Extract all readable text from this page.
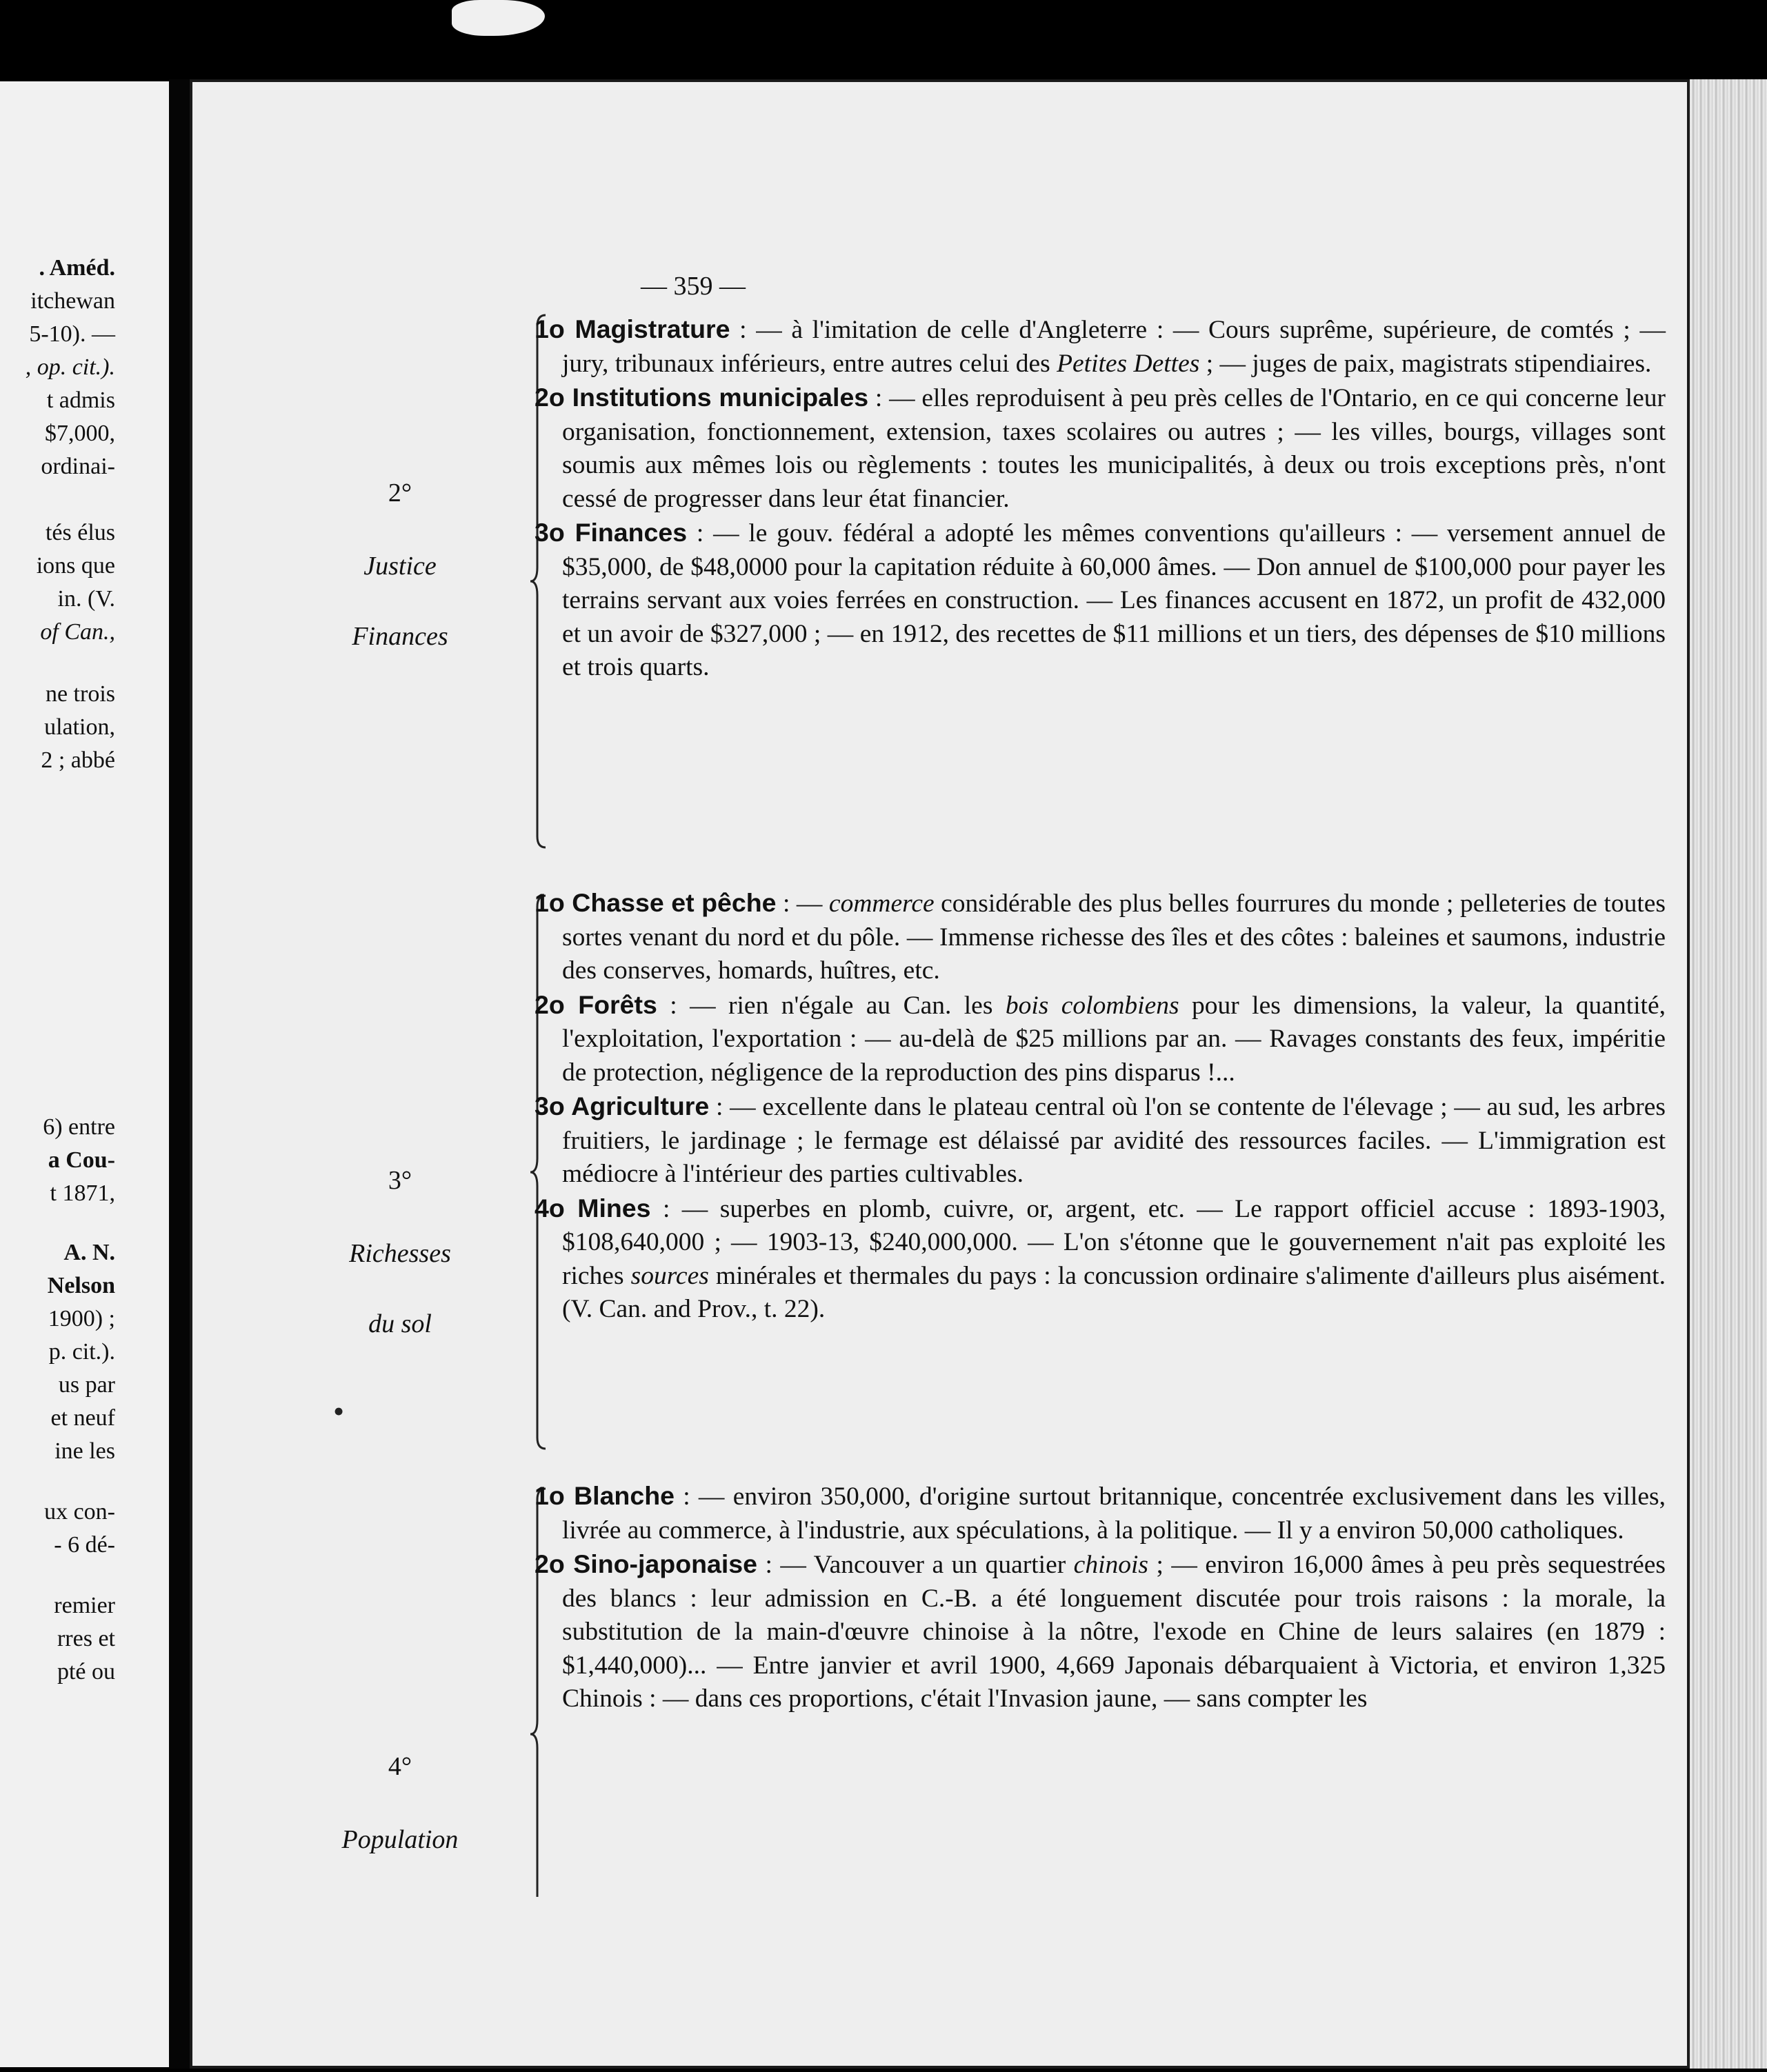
. Améd.
itchewan
5-10). —
, op. cit.).
t admis
$7,000,
ordinai-
tés élus
ions que
in. (V.
of Can.,
ne trois
ulation,
2 ; abbé
6) entre
a Cou-
t 1871,
A. N.
Nelson
1900) ;
p. cit.).
us par
et neuf
ine les
ux con-
- 6 dé-
remier
rres et
pté ou
— 359 —
2°
Justice
Finances

1o Magistrature : — à l'imitation de celle d'Angleterre : — Cours suprême, supérieure, de comtés ; — jury, tribunaux inférieurs, entre autres celui des Petites Dettes ; — juges de paix, magistrats stipendiaires.

2o Institutions municipales : — elles reproduisent à peu près celles de l'Ontario, en ce qui concerne leur organisation, fonctionnement, extension, taxes scolaires ou autres ; — les villes, bourgs, villages sont soumis aux mêmes lois ou règlements : toutes les municipalités, à deux ou trois exceptions près, n'ont cessé de progresser dans leur état financier.

3o Finances : — le gouv. fédéral a adopté les mêmes conventions qu'ailleurs : — versement annuel de $35,000, de $48,0000 pour la capitation réduite à 60,000 âmes. — Don annuel de $100,000 pour payer les terrains servant aux voies ferrées en construction. — Les finances accusent en 1872, un profit de 432,000 et un avoir de $327,000 ; — en 1912, des recettes de $11 millions et un tiers, des dépenses de $10 millions et trois quarts.

3°
Richesses
du sol

1o Chasse et pêche : — commerce considérable des plus belles fourrures du monde ; pelleteries de toutes sortes venant du nord et du pôle. — Immense richesse des îles et des côtes : baleines et saumons, industrie des conserves, homards, huîtres, etc.

2o Forêts : — rien n'égale au Can. les bois colombiens pour les dimensions, la valeur, la quantité, l'exploitation, l'exportation : — au-delà de $25 millions par an. — Ravages constants des feux, impéritie de protection, négligence de la reproduction des pins disparus !...

3o Agriculture : — excellente dans le plateau central où l'on se contente de l'élevage ; — au sud, les arbres fruitiers, le jardinage ; le fermage est délaissé par avidité des ressources faciles. — L'immigration est médiocre à l'intérieur des parties cultivables.

4o Mines : — superbes en plomb, cuivre, or, argent, etc. — Le rapport officiel accuse : 1893-1903, $108,640,000 ; — 1903-13, $240,000,000. — L'on s'étonne que le gouvernement n'ait pas exploité les riches sources minérales et thermales du pays : la concussion ordinaire s'alimente d'ailleurs plus aisément. (V. Can. and Prov., t. 22).

•
4°
Population

1o Blanche : — environ 350,000, d'origine surtout britannique, concentrée exclusivement dans les villes, livrée au commerce, à l'industrie, aux spéculations, à la politique. — Il y a environ 50,000 catholiques.

2o Sino-japonaise : — Vancouver a un quartier chinois ; — environ 16,000 âmes à peu près sequestrées des blancs : leur admission en C.-B. a été longuement discutée pour trois raisons : la morale, la substitution de la main-d'œuvre chinoise à la nôtre, l'exode en Chine de leurs salaires (en 1879 : $1,440,000)... — Entre janvier et avril 1900, 4,669 Japonais débarquaient à Victoria, et environ 1,325 Chinois : — dans ces proportions, c'était l'Invasion jaune, — sans compter les
